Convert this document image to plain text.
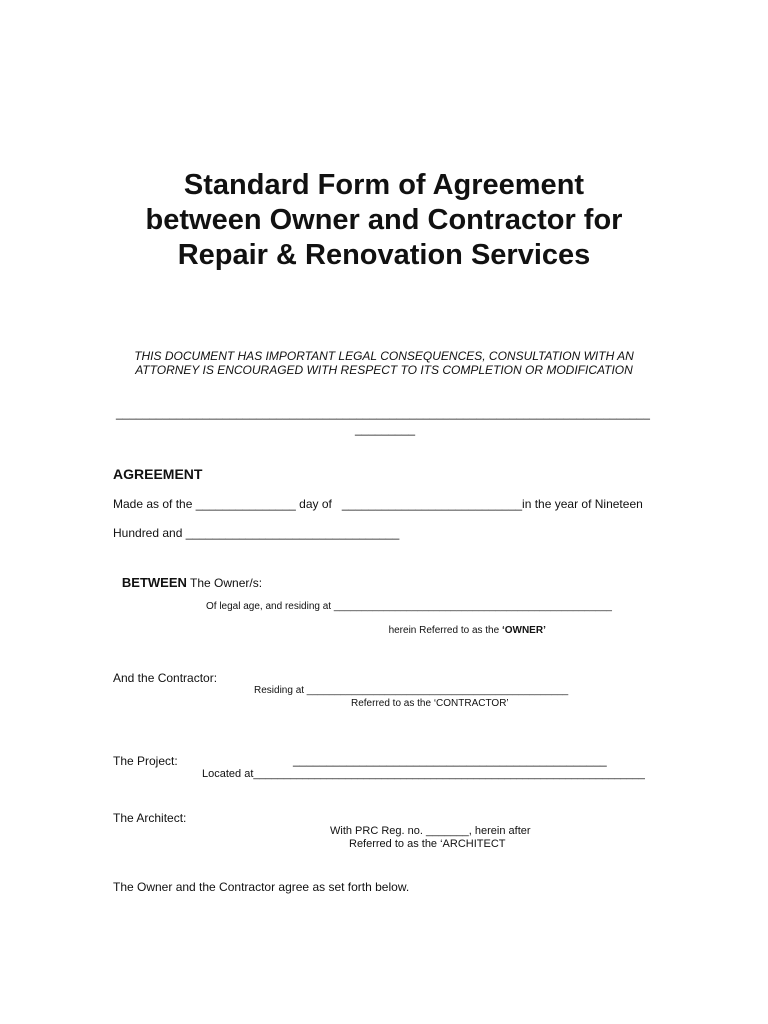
Standard Form of Agreement
between Owner and Contractor for
Repair & Renovation Services
THIS DOCUMENT HAS IMPORTANT LEGAL CONSEQUENCES, CONSULTATION WITH AN
ATTORNEY IS ENCOURAGED WITH RESPECT TO ITS COMPLETION OR MODIFICATION
________________________________________________________________________________
_________
AGREEMENT
Made as of the _______________ day of   ___________________________in the year of Nineteen
Hundred and ________________________________

BETWEEN The Owner/s:

Of legal age, and residing at __________________________________________________

herein Referred to as the ‘OWNER’

And the Contractor:
Residing at _______________________________________________
Referred to as the ‘CONTRACTOR’
The Project:	_______________________________________________
Located at________________________________________________________________
The Architect:
With PRC Reg. no. _______, herein after
Referred to as the ‘ARCHITECT
The Owner and the Contractor agree as set forth below.
